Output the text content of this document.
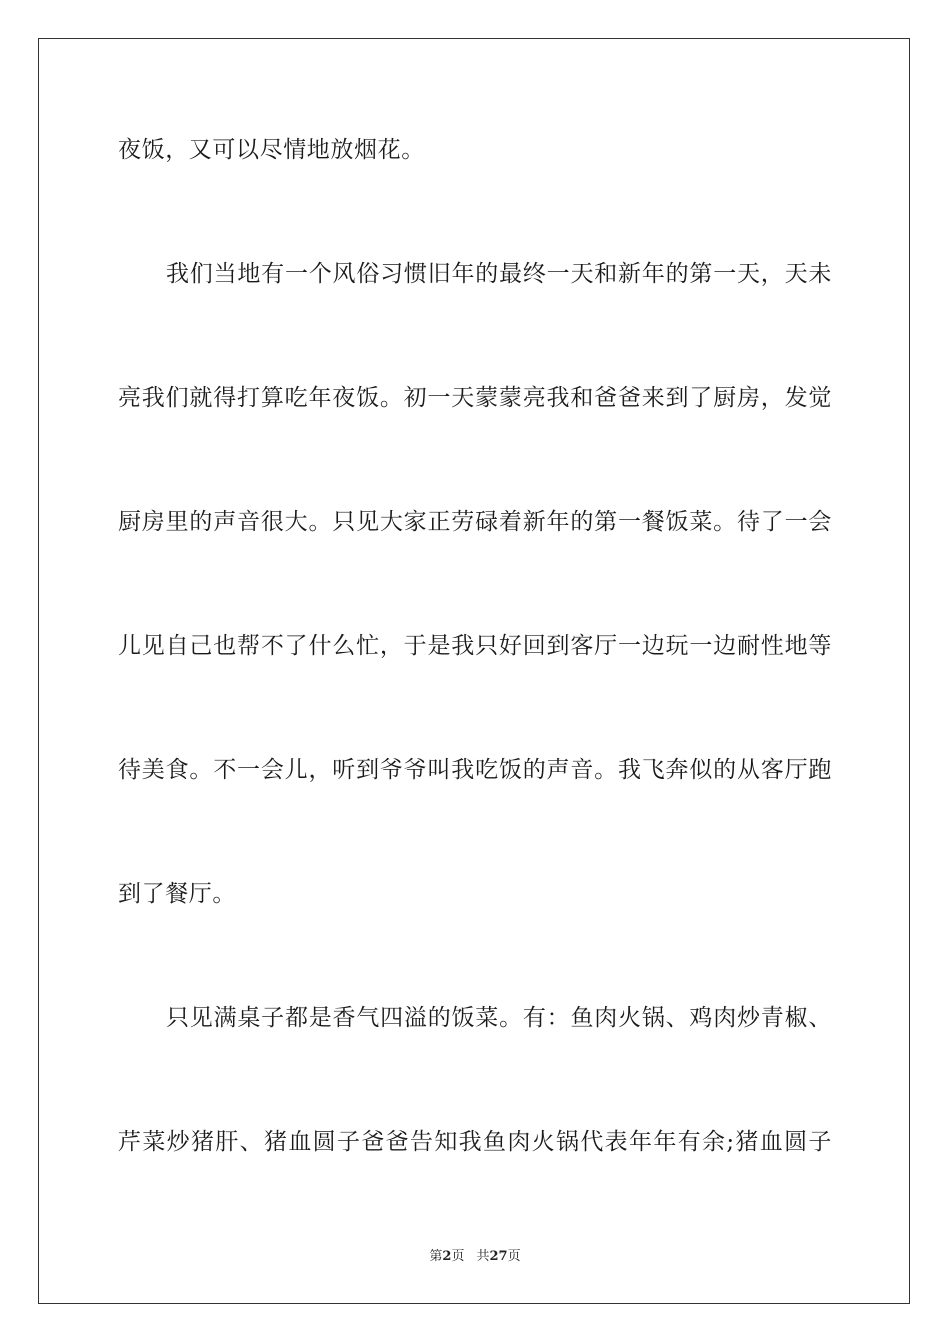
夜饭，又可以尽情地放烟花。
我们当地有一个风俗习惯旧年的最终一天和新年的第一天，天未
亮我们就得打算吃年夜饭。初一天蒙蒙亮我和爸爸来到了厨房，发觉
厨房里的声音很大。只见大家正劳碌着新年的第一餐饭菜。待了一会
儿见自己也帮不了什么忙，于是我只好回到客厅一边玩一边耐性地等
待美食。不一会儿，听到爷爷叫我吃饭的声音。我飞奔似的从客厅跑
到了餐厅。
只见满桌子都是香气四溢的饭菜。有：鱼肉火锅、鸡肉炒青椒、
芹菜炒猪肝、猪血圆子爸爸告知我鱼肉火锅代表年年有余;猪血圆子
第2页 共27页
